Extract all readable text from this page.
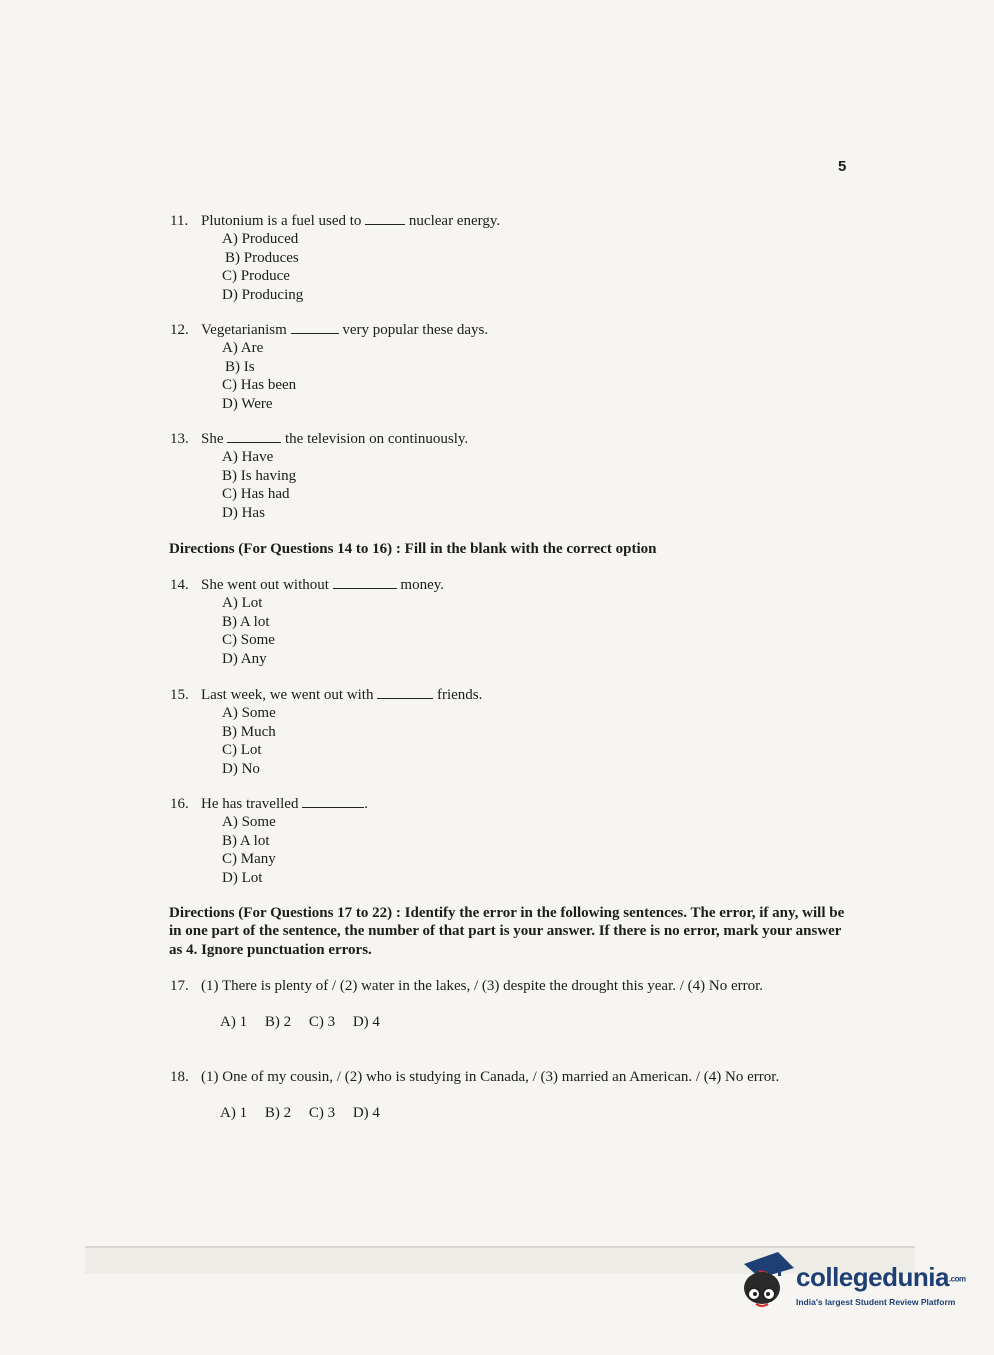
5
11. Plutonium is a fuel used to	nuclear energy.
A) Produced
B) Produces
C) Produce
D) Producing
12. Vegetarianism	very popular these days.
A) Are
B) Is
C) Has been
D) Were
13. She	the television on continuously.
A) Have
B) Is having
C) Has had
D) Has
Directions (For Questions 14 to 16) : Fill in the blank with the correct option
14. She went out without	money.
A) Lot
B) A lot
C) Some
D) Any
15. Last week, we went out with	friends.
A) Some
B) Much
C) Lot
D) No
16. He has travelled	.
A) Some
B) A lot
C) Many
D) Lot
Directions (For Questions 17 to 22) : Identify the error in the following sentences. The error, if any, will be in one part of the sentence, the number of that part is your answer. If there is no error, mark your answer as 4. Ignore punctuation errors.
17. (1) There is plenty of / (2) water in the lakes, / (3) despite the drought this year. / (4) No error.
A) 1 B) 2 C) 3 D) 4
18. (1) One of my cousin, / (2) who is studying in Canada, / (3) married an American. / (4) No error.
A) 1 B) 2 C) 3 D) 4
collegedunia.com
India's largest Student Review Platform
